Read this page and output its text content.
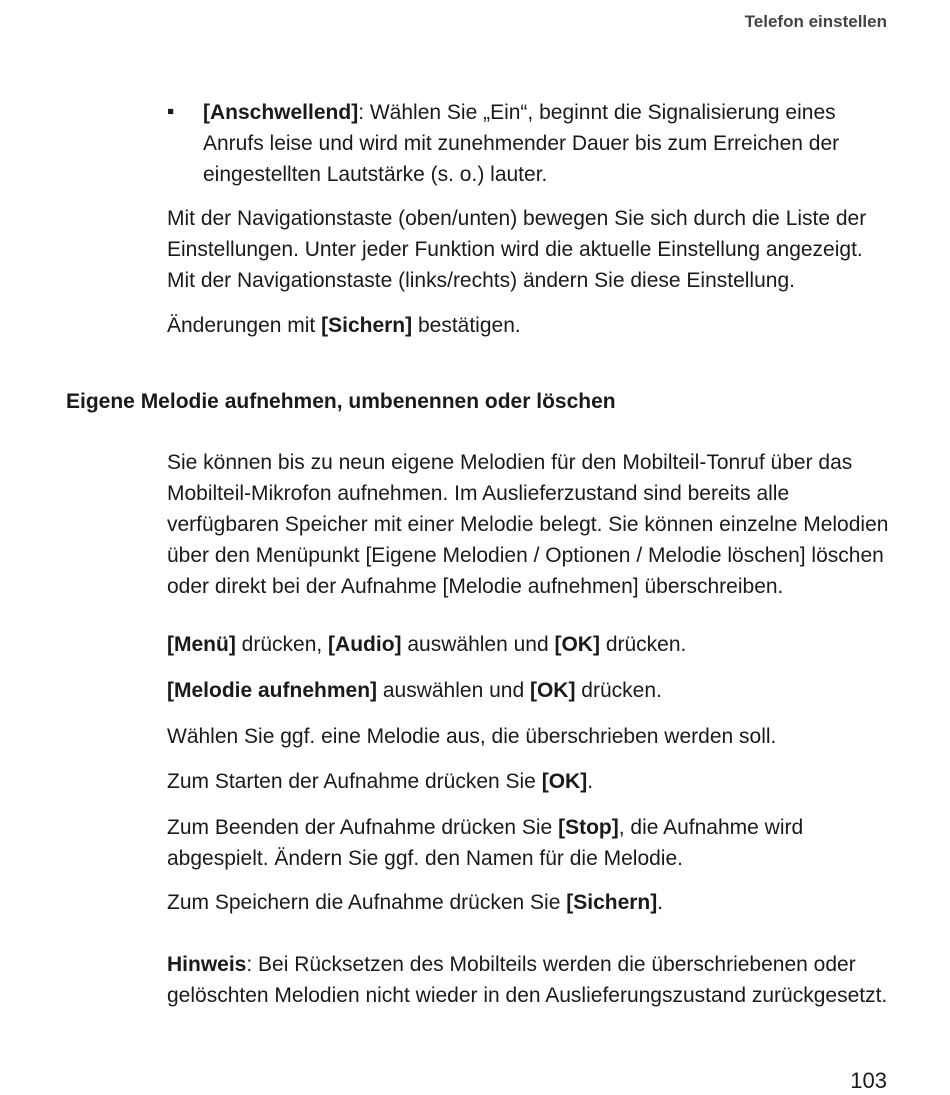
Telefon einstellen
▪ [Anschwellend]: Wählen Sie „Ein“, beginnt die Signalisierung eines Anrufs leise und wird mit zunehmender Dauer bis zum Erreichen der eingestellten Lautstärke (s. o.) lauter.
Mit der Navigationstaste (oben/unten) bewegen Sie sich durch die Liste der Einstellungen. Unter jeder Funktion wird die aktuelle Einstellung angezeigt. Mit der Navigationstaste (links/rechts) ändern Sie diese Einstellung.
Änderungen mit [Sichern] bestätigen.
Eigene Melodie aufnehmen, umbenennen oder löschen
Sie können bis zu neun eigene Melodien für den Mobilteil-Tonruf über das Mobilteil-Mikrofon aufnehmen. Im Auslieferzustand sind bereits alle verfügbaren Speicher mit einer Melodie belegt. Sie können einzelne Melodien über den Menüpunkt [Eigene Melodien / Optionen / Melodie löschen] löschen oder direkt bei der Aufnahme [Melodie aufnehmen] überschreiben.
[Menü] drücken, [Audio] auswählen und [OK] drücken.
[Melodie aufnehmen] auswählen und [OK] drücken.
Wählen Sie ggf. eine Melodie aus, die überschrieben werden soll.
Zum Starten der Aufnahme drücken Sie [OK].
Zum Beenden der Aufnahme drücken Sie [Stop], die Aufnahme wird abgespielt. Ändern Sie ggf. den Namen für die Melodie.
Zum Speichern die Aufnahme drücken Sie [Sichern].
Hinweis: Bei Rücksetzen des Mobilteils werden die überschriebenen oder gelöschten Melodien nicht wieder in den Auslieferungszustand zurückgesetzt.
103
